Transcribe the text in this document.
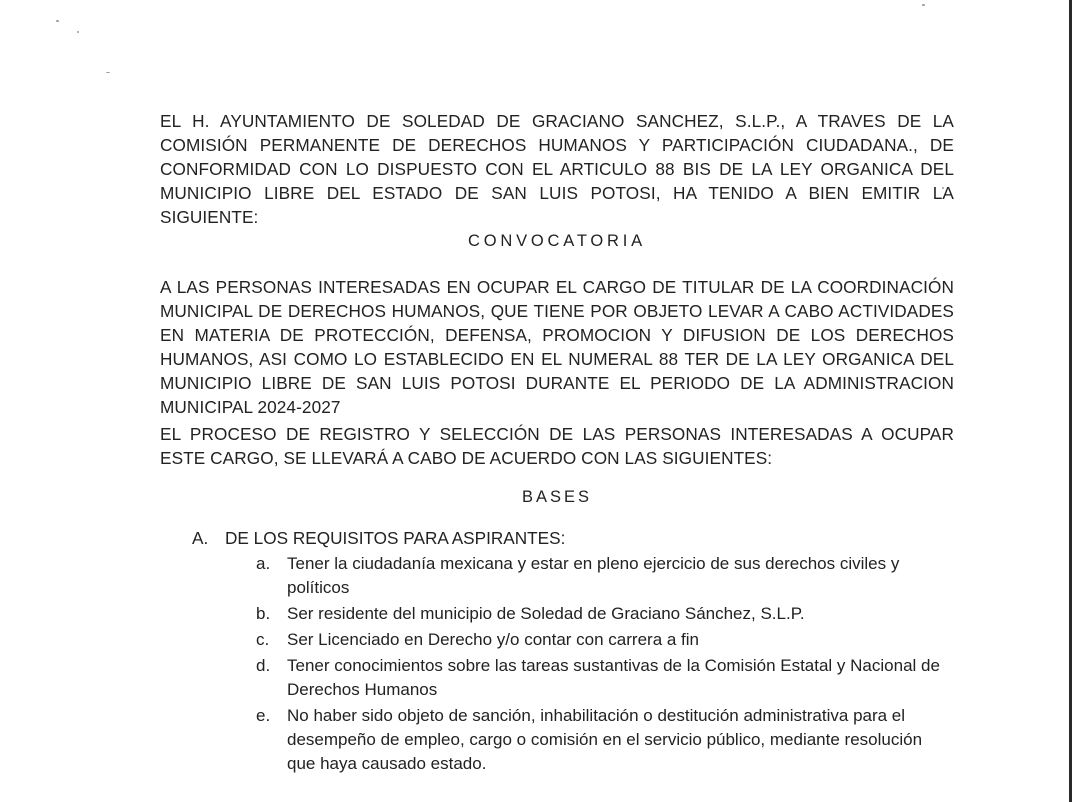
EL H. AYUNTAMIENTO DE SOLEDAD DE GRACIANO SANCHEZ, S.L.P., A TRAVES DE LA COMISIÓN PERMANENTE DE DERECHOS HUMANOS Y PARTICIPACIÓN CIUDADANA., DE CONFORMIDAD CON LO DISPUESTO CON EL ARTICULO 88 BIS DE LA LEY ORGANICA DEL MUNICIPIO LIBRE DEL ESTADO DE SAN LUIS POTOSI, HA TENIDO A BIEN EMITIR LA SIGUIENTE:

CONVOCATORIA

A LAS PERSONAS INTERESADAS EN OCUPAR EL CARGO DE TITULAR DE LA COORDINACIÓN MUNICIPAL DE DERECHOS HUMANOS, QUE TIENE POR OBJETO LEVAR A CABO ACTIVIDADES EN MATERIA DE PROTECCIÓN, DEFENSA, PROMOCION Y DIFUSION DE LOS DERECHOS HUMANOS, ASI COMO LO ESTABLECIDO EN EL NUMERAL 88 TER DE LA LEY ORGANICA DEL MUNICIPIO LIBRE DE SAN LUIS POTOSI DURANTE EL PERIODO DE LA ADMINISTRACION MUNICIPAL 2024-2027

EL PROCESO DE REGISTRO Y SELECCIÓN DE LAS PERSONAS INTERESADAS A OCUPAR ESTE CARGO, SE LLEVARÁ A CABO DE ACUERDO CON LAS SIGUIENTES:

BASES
A. DE LOS REQUISITOS PARA ASPIRANTES:
a. Tener la ciudadanía mexicana y estar en pleno ejercicio de sus derechos civiles y políticos
b. Ser residente del municipio de Soledad de Graciano Sánchez, S.L.P.
c.	Ser Licenciado en Derecho y/o contar con carrera a fin
d. Tener conocimientos sobre las tareas sustantivas de la Comisión Estatal y Nacional de Derechos Humanos
e. No haber sido objeto de sanción, inhabilitación o destitución administrativa para el desempeño de empleo, cargo o comisión en el servicio público, mediante resolución que haya causado estado.
